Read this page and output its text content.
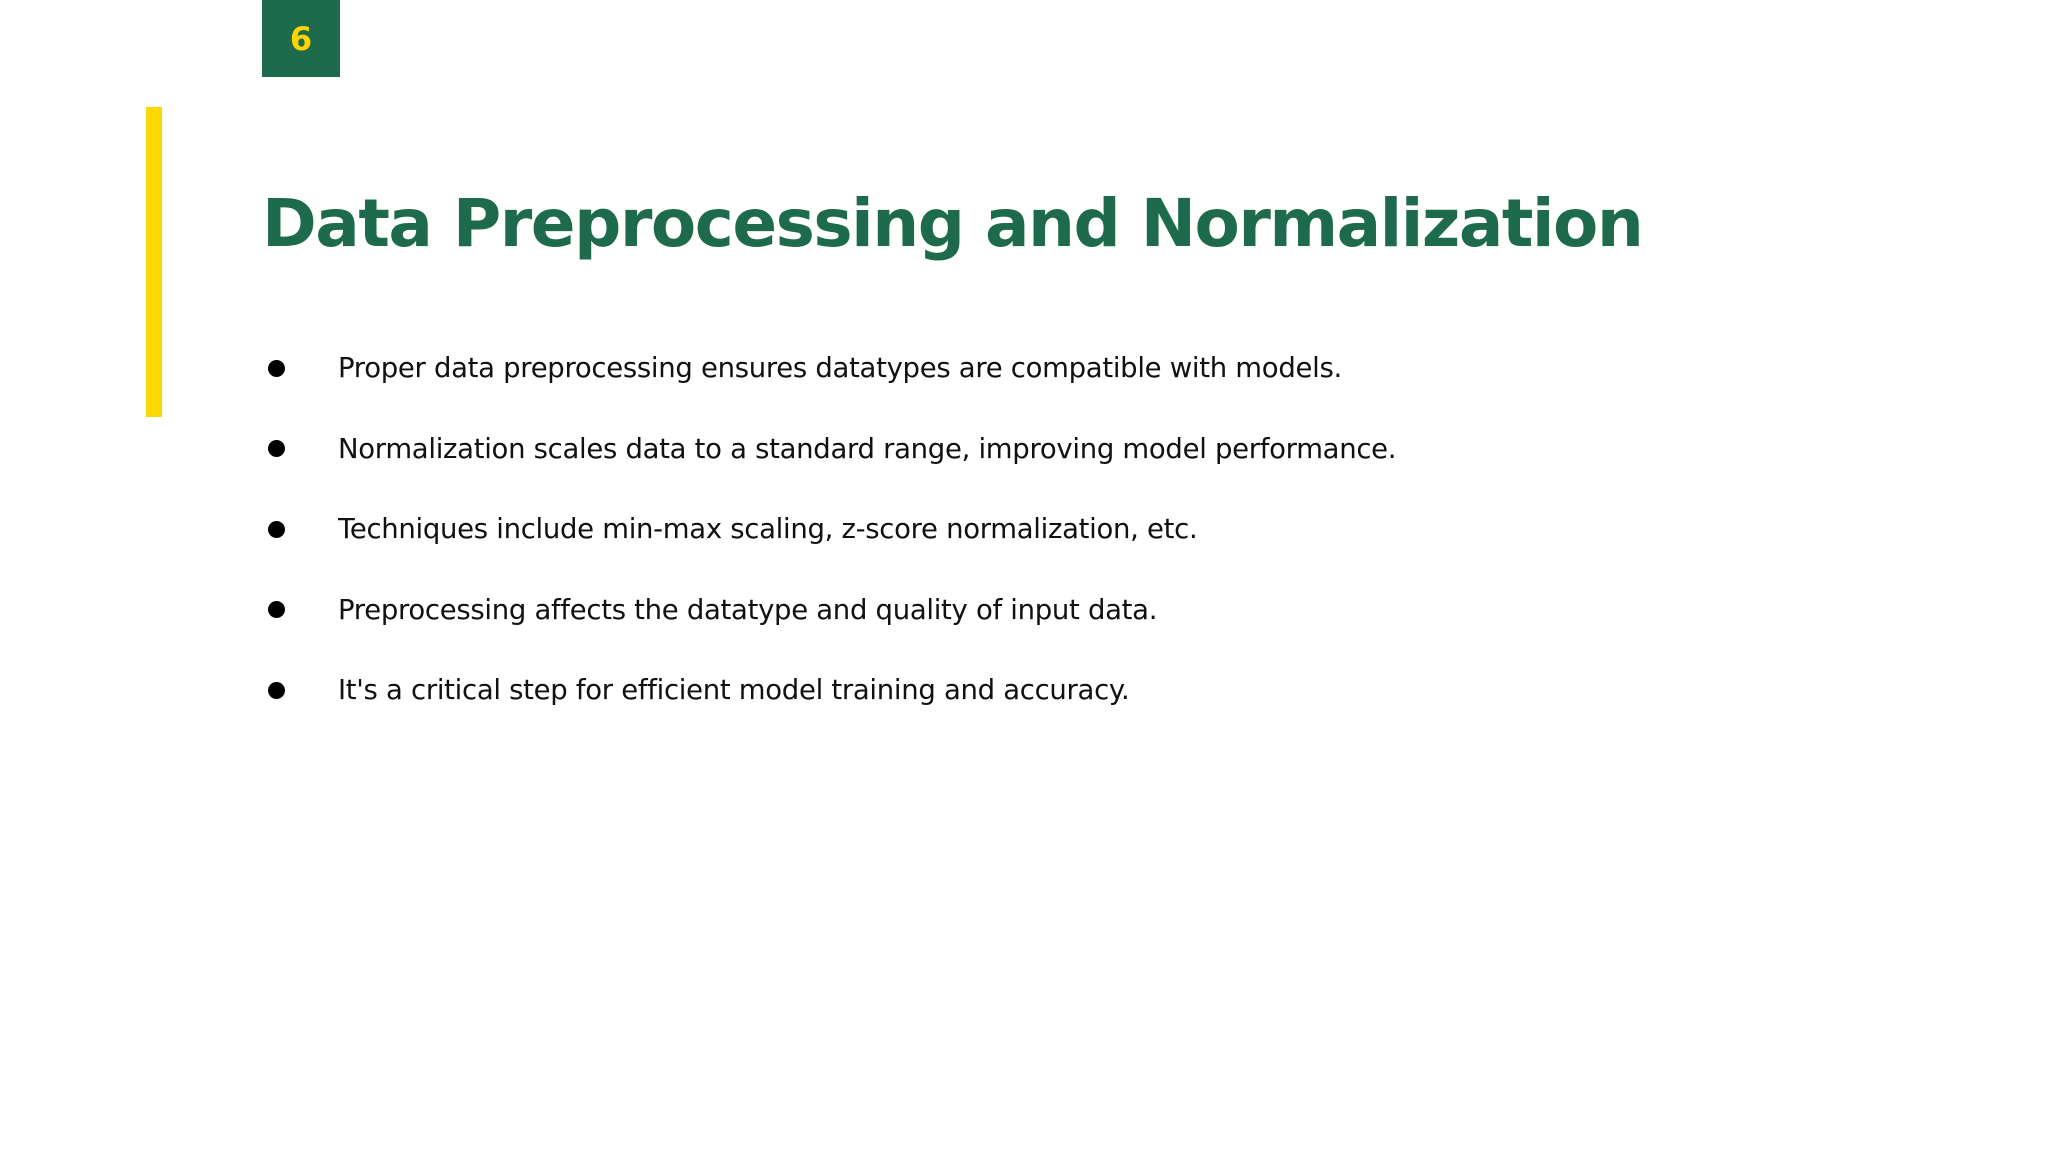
6
Data Preprocessing and Normalization
Proper data preprocessing ensures datatypes are compatible with models.
Normalization scales data to a standard range, improving model performance.
Techniques include min-max scaling, z-score normalization, etc.
Preprocessing affects the datatype and quality of input data.
It's a critical step for efficient model training and accuracy.
